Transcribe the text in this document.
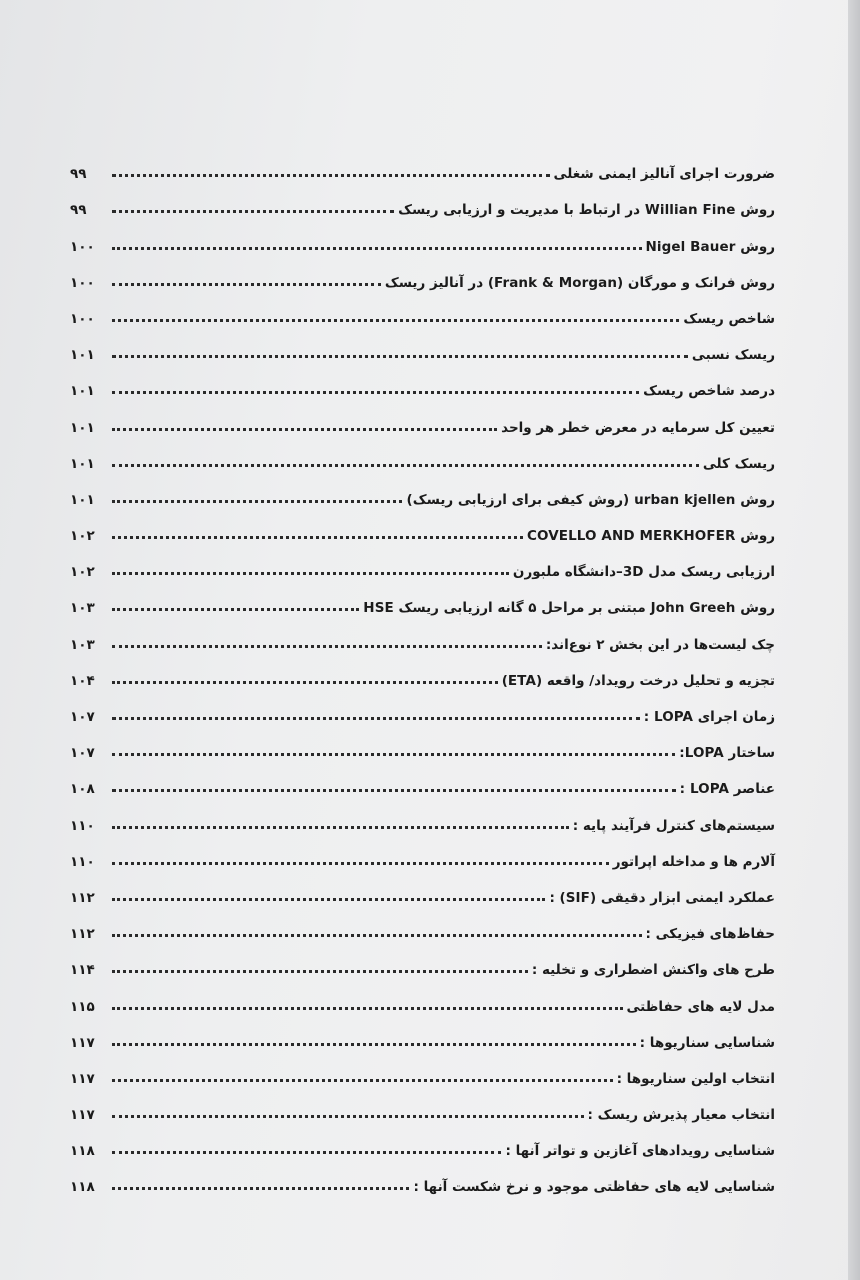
ضرورت اجرای آنالیز ایمنی شغلی
۹۹
روش Willian Fine در ارتباط با مدیریت و ارزیابی ریسک
۹۹
روش Nigel Bauer
۱۰۰
روش فرانک و مورگان (Frank & Morgan) در آنالیز ریسک
۱۰۰
شاخص ریسک
۱۰۰
ریسک نسبی
۱۰۱
درصد شاخص ریسک
۱۰۱
تعیین کل سرمایه در معرض خطر هر واحد
۱۰۱
ریسک کلی
۱۰۱
روش urban kjellen (روش کیفی برای ارزیابی ریسک)
۱۰۱
روش COVELLO AND MERKHOFER
۱۰۲
ارزیابی ریسک مدل 3D–دانشگاه ملبورن
۱۰۲
روش John Greeh مبتنی بر مراحل ۵ گانه ارزیابی ریسک HSE
۱۰۳
چک لیست‌ها در این بخش ۲ نوع‌اند:
۱۰۳
تجزیه و تحلیل درخت رویداد/ واقعه (ETA)
۱۰۴
زمان اجرای LOPA :
۱۰۷
ساختار LOPA:
۱۰۷
عناصر LOPA :
۱۰۸
سیستم‌های کنترل فرآیند پایه :
۱۱۰
آلارم ها و مداخله اپراتور
۱۱۰
عملکرد ایمنی ابزار دقیقی (SIF) :
۱۱۲
حفاظ‌های فیزیکی :
۱۱۲
طرح های واکنش اضطراری و تخلیه :
۱۱۴
مدل لایه های حفاظتی
۱۱۵
شناسایی سناریوها :
۱۱۷
انتخاب اولین سناریوها :
۱۱۷
انتخاب معیار پذیرش ریسک :
۱۱۷
شناسایی رویدادهای آغازین و تواتر آنها :
۱۱۸
شناسایی لایه های حفاظتی موجود و نرخ شکست آنها :
۱۱۸
